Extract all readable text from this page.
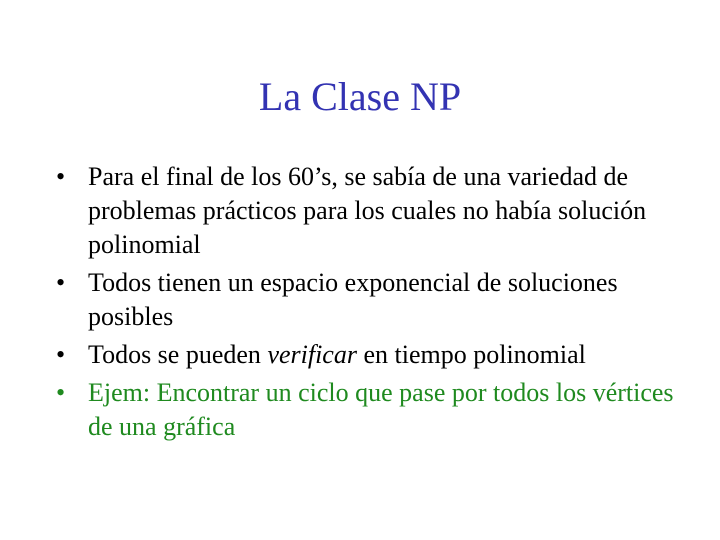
La Clase NP
• Para el final de los 60’s, se sabía de una variedad de problemas prácticos para los cuales no había solución polinomial
• Todos tienen un espacio exponencial de soluciones posibles
• Todos se pueden verificar en tiempo polinomial
• Ejem: Encontrar un ciclo que pase por todos los vértices de una gráfica
